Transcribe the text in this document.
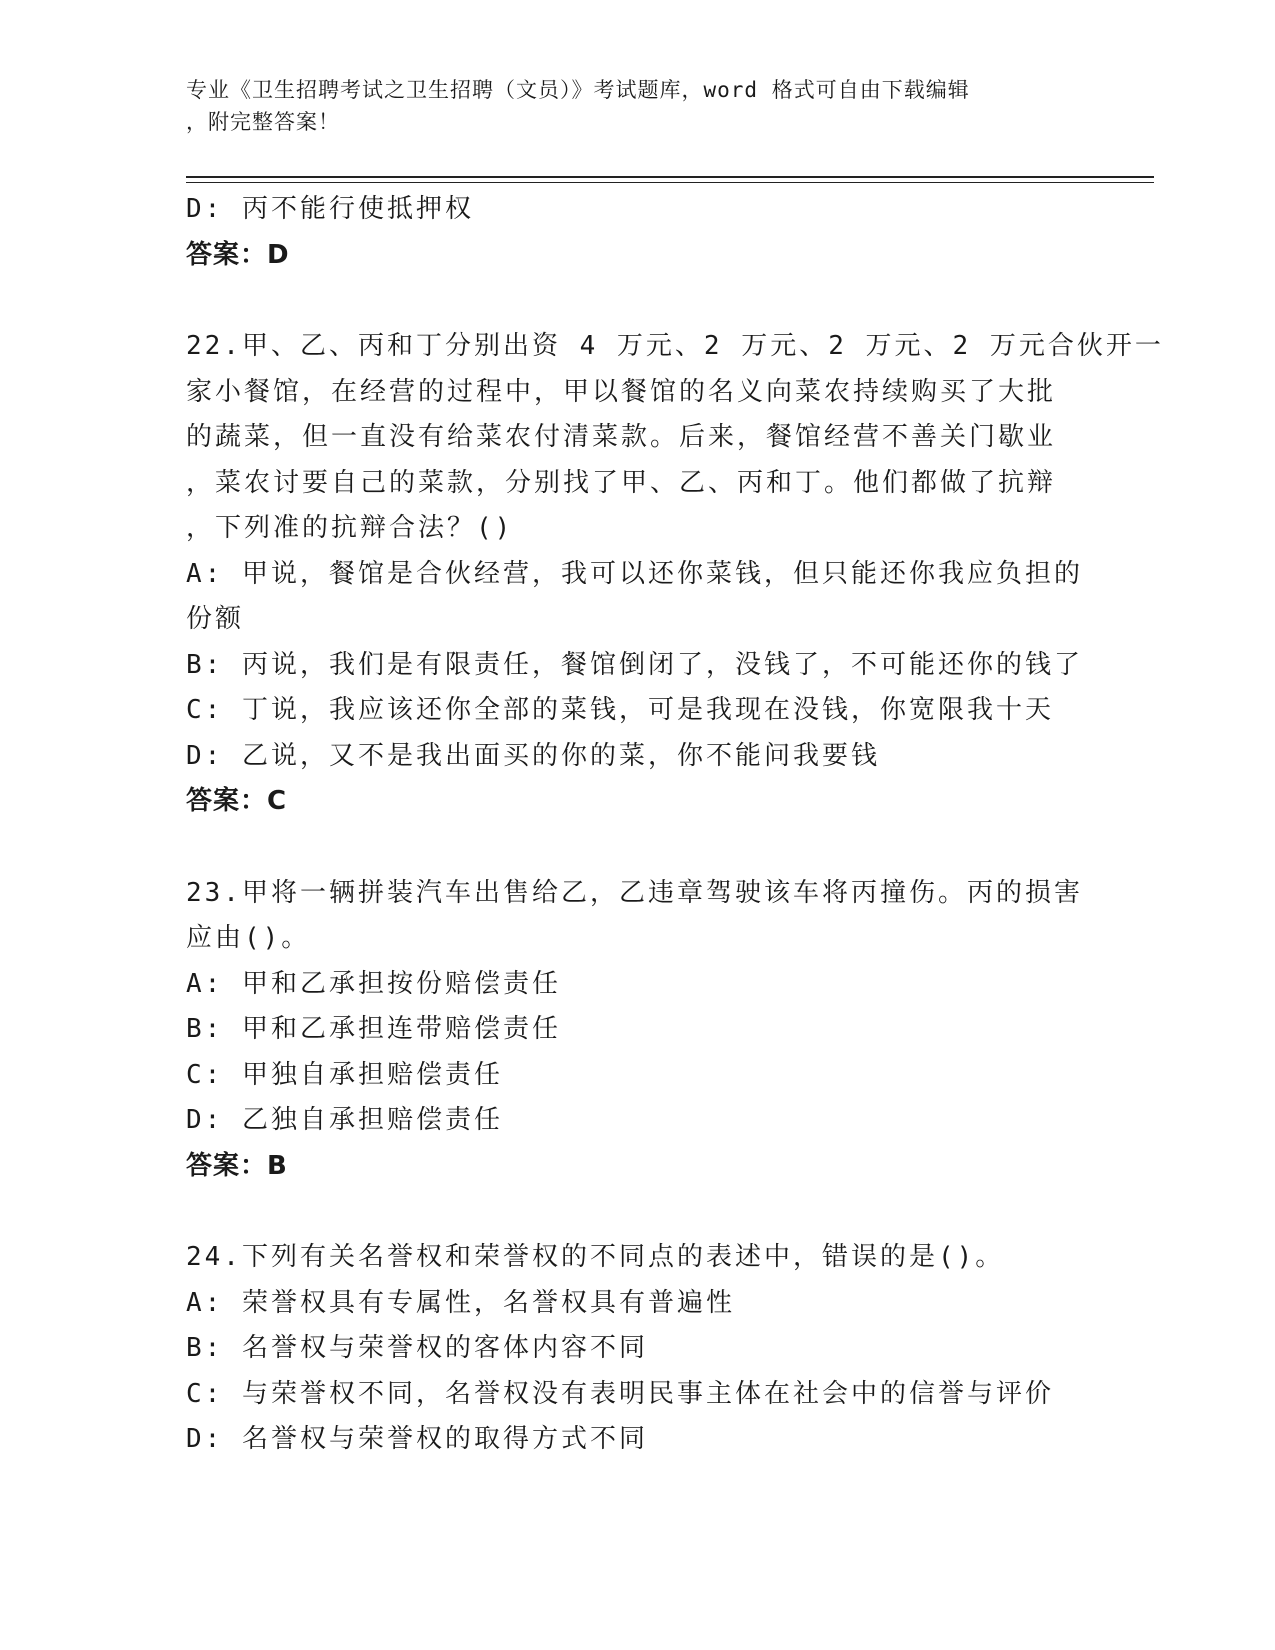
专业《卫生招聘考试之卫生招聘（文员）》考试题库，word 格式可自由下载编辑
，附完整答案！
D: 丙不能行使抵押权
答案：D
22.甲、乙、丙和丁分别出资 4 万元、2 万元、2 万元、2 万元合伙开一
家小餐馆，在经营的过程中，甲以餐馆的名义向菜农持续购买了大批
的蔬菜，但一直没有给菜农付清菜款。后来，餐馆经营不善关门歇业
，菜农讨要自己的菜款，分别找了甲、乙、丙和丁。他们都做了抗辩
，下列准的抗辩合法？()
A: 甲说，餐馆是合伙经营，我可以还你菜钱，但只能还你我应负担的
份额
B: 丙说，我们是有限责任，餐馆倒闭了，没钱了，不可能还你的钱了
C: 丁说，我应该还你全部的菜钱，可是我现在没钱，你宽限我十天
D: 乙说，又不是我出面买的你的菜，你不能问我要钱
答案：C
23.甲将一辆拼装汽车出售给乙，乙违章驾驶该车将丙撞伤。丙的损害
应由()。
A: 甲和乙承担按份赔偿责任
B: 甲和乙承担连带赔偿责任
C: 甲独自承担赔偿责任
D: 乙独自承担赔偿责任
答案：B
24.下列有关名誉权和荣誉权的不同点的表述中，错误的是()。
A: 荣誉权具有专属性，名誉权具有普遍性
B: 名誉权与荣誉权的客体内容不同
C: 与荣誉权不同，名誉权没有表明民事主体在社会中的信誉与评价
D: 名誉权与荣誉权的取得方式不同
